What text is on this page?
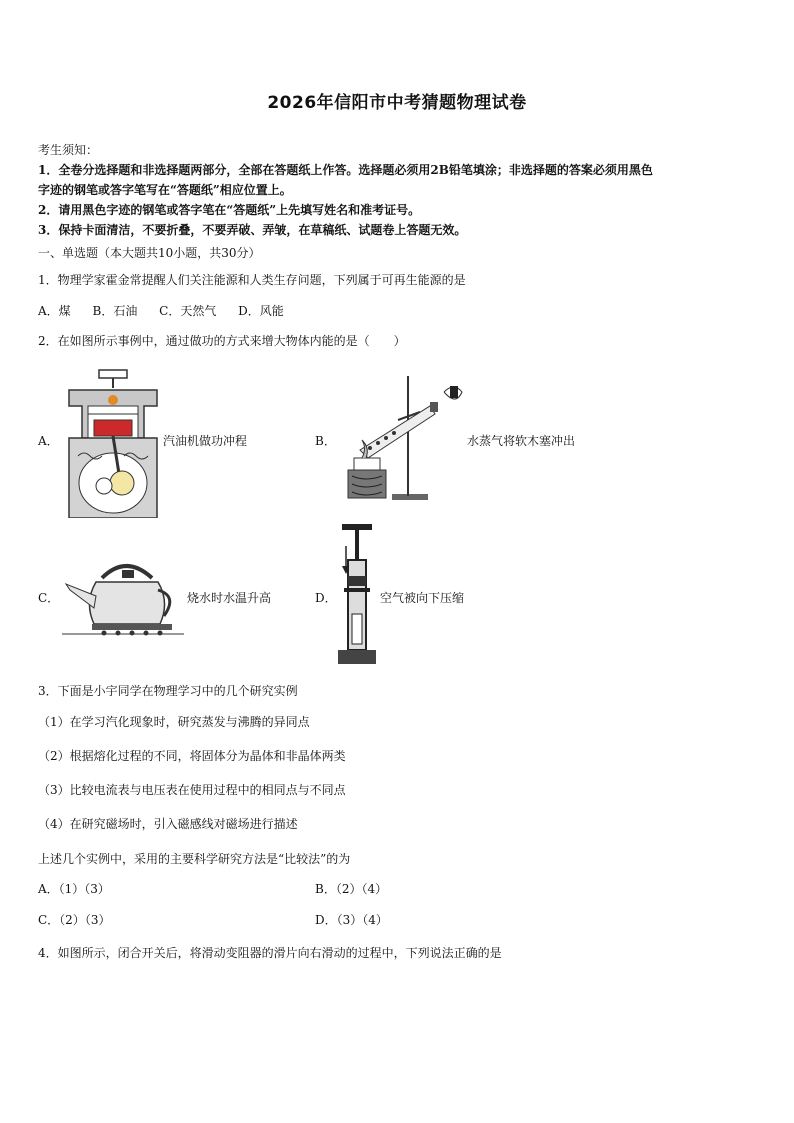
2026年信阳市中考猜题物理试卷

考生须知：

1．全卷分选择题和非选择题两部分，全部在答题纸上作答。选择题必须用2B铅笔填涂；非选择题的答案必须用黑色

字迹的钢笔或答字笔写在“答题纸”相应位置上。

2．请用黑色字迹的钢笔或答字笔在“答题纸”上先填写姓名和准考证号。

3．保持卡面清洁，不要折叠，不要弄破、弄皱，在草稿纸、试题卷上答题无效。

一、单选题（本大题共10小题，共30分）
1．物理学家霍金常提醒人们关注能源和人类生存问题，下列属于可再生能源的是
A．煤 B．石油 C．天然气 D．风能
2．在如图所示事例中，通过做功的方式来增大物体内能的是（　　）
A．	汽油机做功冲程	B．	水蒸气将软木塞冲出
C．	烧水时水温升高	D．	空气被向下压缩
3．下面是小宇同学在物理学习中的几个研究实例
（1）在学习汽化现象时，研究蒸发与沸腾的异同点
（2）根据熔化过程的不同，将固体分为晶体和非晶体两类
（3）比较电流表与电压表在使用过程中的相同点与不同点
（4）在研究磁场时，引入磁感线对磁场进行描述
上述几个实例中，采用的主要科学研究方法是“比较法”的为
A．（1）（3）	B．（2）（4）
C．（2）（3）	D．（3）（4）
4．如图所示，闭合开关后，将滑动变阻器的滑片向右滑动的过程中，下列说法正确的是
